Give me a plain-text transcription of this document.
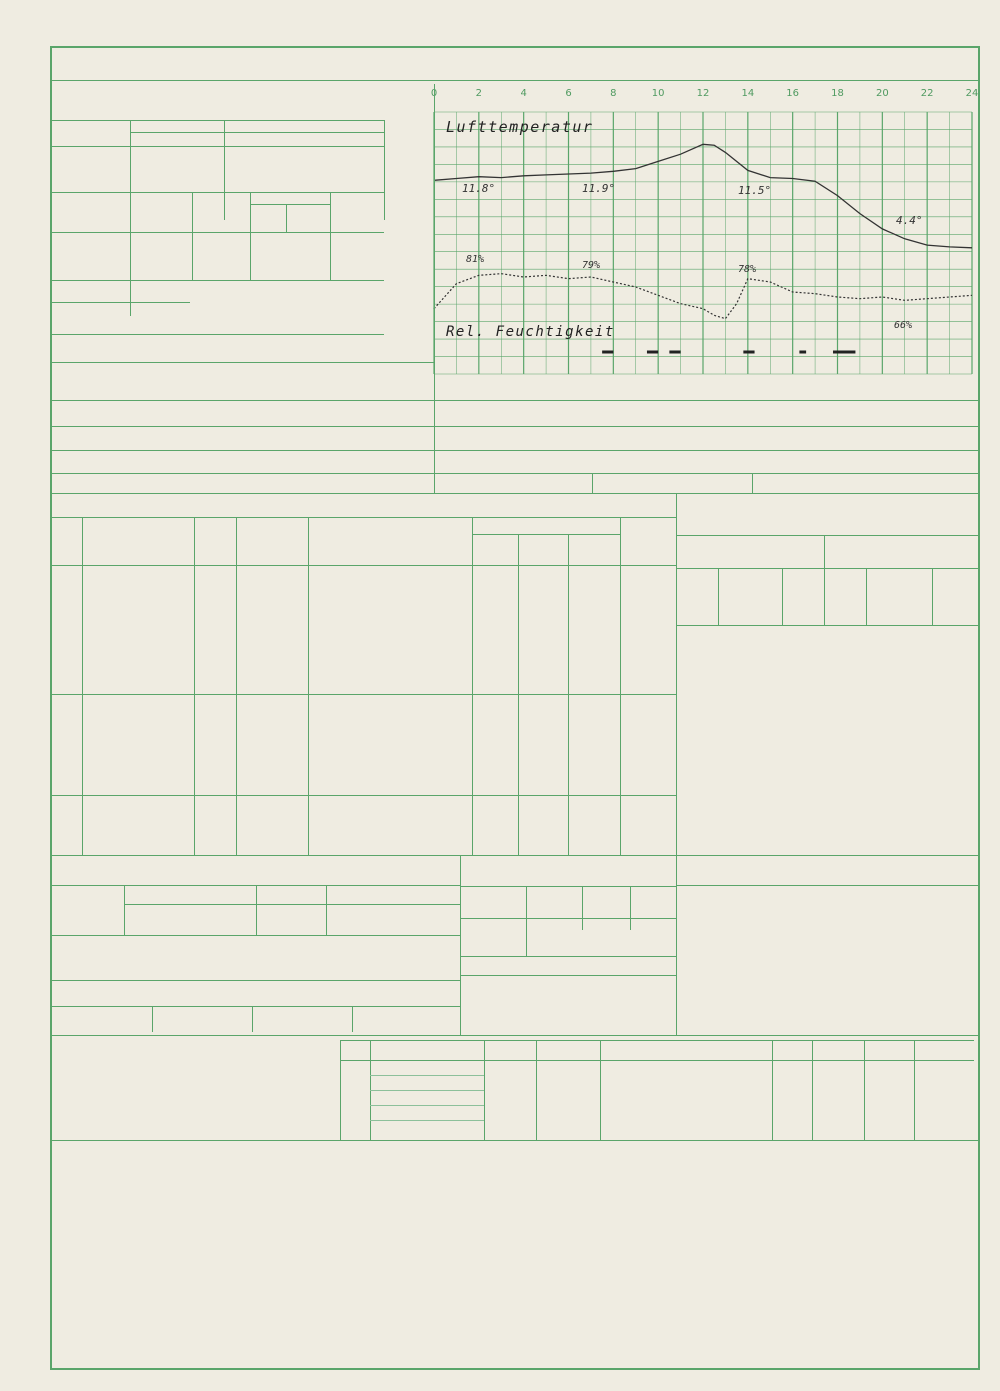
0	2	4	6	8	10	12	14	16	18	20	22	24
Lufttemperatur
Rel. Feuchtigkeit
11.8°	11.9°	11.5°
4.4°
81%
79%	78%
66%
